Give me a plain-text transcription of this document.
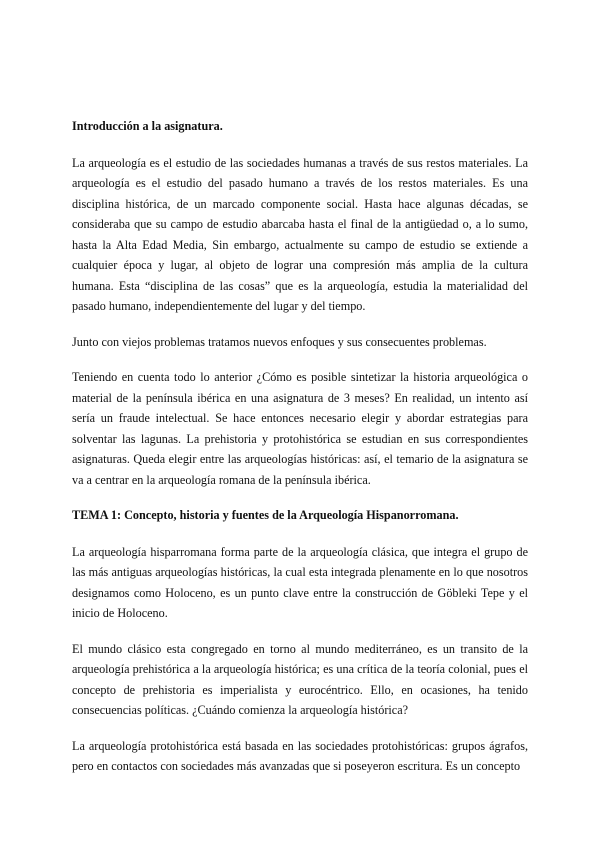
Introducción a la asignatura.

La arqueología es el estudio de las sociedades humanas a través de sus restos materiales. La arqueología es el estudio del pasado humano a través de los restos materiales. Es una disciplina histórica, de un marcado componente social. Hasta hace algunas décadas, se consideraba que su campo de estudio abarcaba hasta el final de la antigüedad o, a lo sumo, hasta la Alta Edad Media, Sin embargo, actualmente su campo de estudio se extiende a cualquier época y lugar, al objeto de lograr una compresión más amplia de la cultura humana. Esta “disciplina de las cosas” que es la arqueología, estudia la materialidad del pasado humano, independientemente del lugar y del tiempo.

Junto con viejos problemas tratamos nuevos enfoques y sus consecuentes problemas.

Teniendo en cuenta todo lo anterior ¿Cómo es posible sintetizar la historia arqueológica o material de la península ibérica en una asignatura de 3 meses? En realidad, un intento así sería un fraude intelectual. Se hace entonces necesario elegir y abordar estrategias para solventar las lagunas. La prehistoria y protohistórica se estudian en sus correspondientes asignaturas. Queda elegir entre las arqueologías históricas: así, el temario de la asignatura se va a centrar en la arqueología romana de la península ibérica.

TEMA 1: Concepto, historia y fuentes de la Arqueología Hispanorromana.

La arqueología hisparromana forma parte de la arqueología clásica, que integra el grupo de las más antiguas arqueologías históricas, la cual esta integrada plenamente en lo que nosotros designamos como Holoceno, es un punto clave entre la construcción de Göbleki Tepe y el inicio de Holoceno.

El mundo clásico esta congregado en torno al mundo mediterráneo, es un transito de la arqueología prehistórica a la arqueología histórica; es una crítica de la teoría colonial, pues el concepto de prehistoria es imperialista y eurocéntrico. Ello, en ocasiones, ha tenido consecuencias políticas. ¿Cuándo comienza la arqueología histórica?

La arqueología protohistórica está basada en las sociedades protohistóricas: grupos ágrafos, pero en contactos con sociedades más avanzadas que si poseyeron escritura. Es un concepto
